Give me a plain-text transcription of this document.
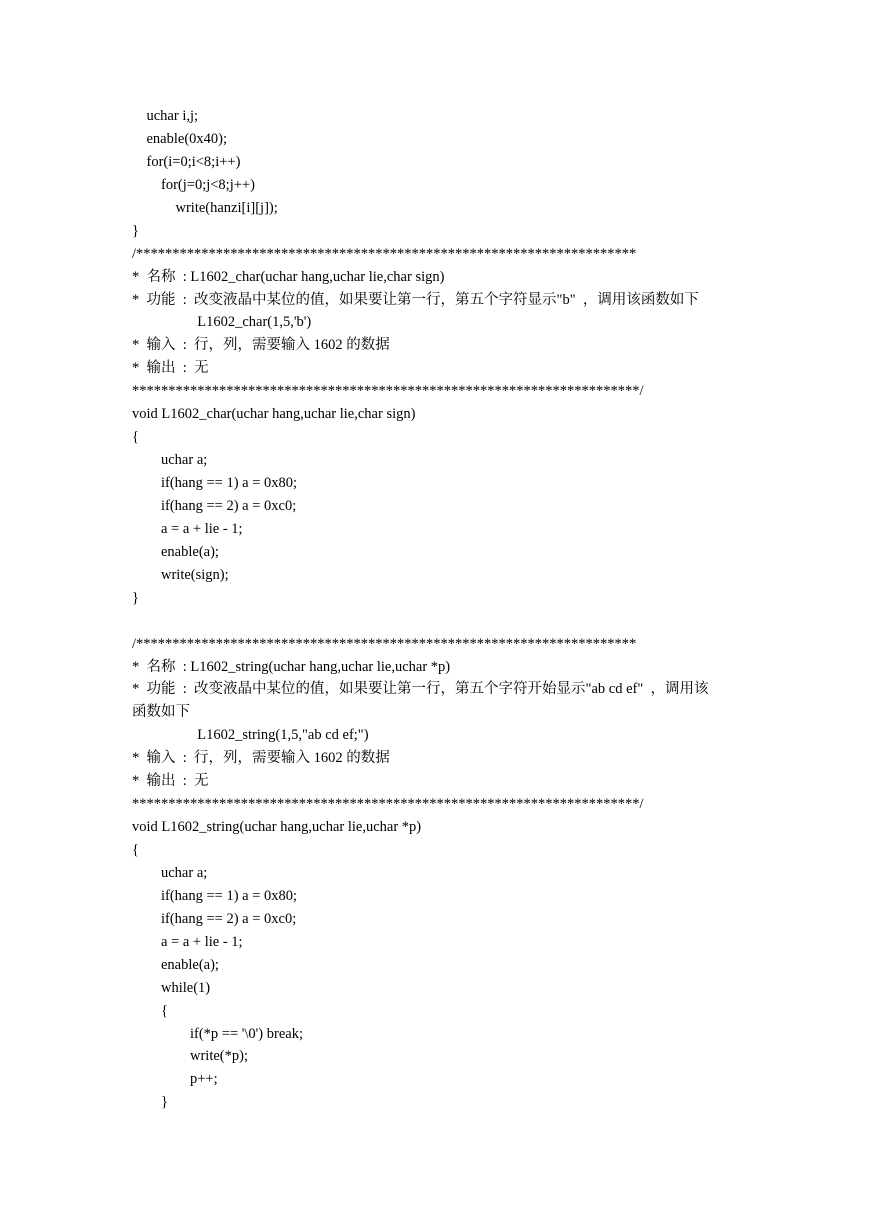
uchar i,j;
enable(0x40);
for(i=0;i<8;i++)
for(j=0;j<8;j++)
write(hanzi[i][j]);
}
/*********************************************************************
*  名称  : L1602_char(uchar hang,uchar lie,char sign)
*  功能  :  改变液晶中某位的值，如果要让第一行，第五个字符显示"b"  ，调用该函数如下
L1602_char(1,5,'b')
*  输入  :  行，列，需要输入 1602 的数据
*  输出  :  无
**********************************************************************/
void L1602_char(uchar hang,uchar lie,char sign)
{
uchar a;
if(hang == 1) a = 0x80;
if(hang == 2) a = 0xc0;
a = a + lie - 1;
enable(a);
write(sign);
}
/*********************************************************************
*  名称  : L1602_string(uchar hang,uchar lie,uchar *p)
*  功能  :  改变液晶中某位的值，如果要让第一行，第五个字符开始显示"ab cd ef"  ，调用该
函数如下
L1602_string(1,5,"ab cd ef;")
*  输入  :  行，列，需要输入 1602 的数据
*  输出  :  无
**********************************************************************/
void L1602_string(uchar hang,uchar lie,uchar *p)
{
uchar a;
if(hang == 1) a = 0x80;
if(hang == 2) a = 0xc0;
a = a + lie - 1;
enable(a);
while(1)
{
if(*p == '\0') break;
write(*p);
p++;
}
